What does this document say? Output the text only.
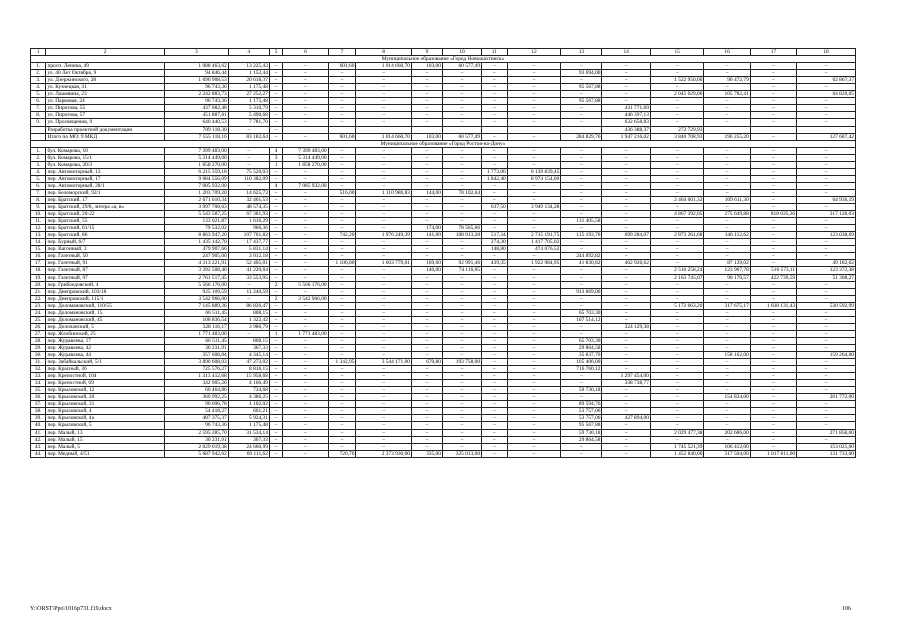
1	2	3	4	5	6	7	8	9	10	11	12	13	14	15	16	17	18
Муниципальное образование «Город Новошахтинск»																	
1.	просп. Ленина, 49	1 088 463,62	13 225,43	–	–	601,60	1 014 660,70	103,00	60 577,49	–	–	–	–	–	–	–	–
2.	ул. 40 Лет Октября, 9	94 846,44	1 152,44	–	–	–	–	–	–	–	–	93 694,00	–	–	–	–	–
3.	ул. Дзержинского, 28	1 696 908,53	20 618,37	–	–	–	–	–	–	–	–	–	–	1 522 950,00	90 472,79	–	62 867,37
4.	ул. Кузнецкая, 31	96 743,36	1 175,48	–	–	–	–	–	–	–	–	95 567,88	–	–	–	–	–
5.	ул. Лашевина, 23	2 242 883,73	27 252,27	–	–	–	–	–	–	–	–	–	–	2 045 029,00	105 782,41	–	64 820,05
6.	ул. Парковая, 24	96 743,36	1 175,48	–	–	–	–	–	–	–	–	95 567,88	–	–	–	–	–
7.	ул. Пирогова, 55	437 082,48	5 310,79	–	–	–	–	–	–	–	–	–	431 771,69	–	–	–	–
8.	ул. Пирогова, 57	451 887,81	5 490,68	–	–	–	–	–	–	–	–	–	446 397,13	–	–	–	–
9.	ул. Просвещения, 9	640 440,53	7 781,70	–	–	–	–	–	–	–	–	–	632 658,83	–	–	–	–
	Разработка проектной документации	709 118,30	–	–									436 388,37	272 729,93			
	Итого по МО: 9 МКД	7 555 118,16	83 182,64	–	–	601,60	1 014 660,70	103,00	60 577,49	–	–	284 829,76	1 947 216,02	3 840 708,93	196 255,20	–	127 687,42
Муниципальное образование «Город Ростов-на-Дону»																	
1.	бул. Комарова, 10	7 399 483,00	–	4	7 399 483,00	–	–	–	–	–	–	–	–	–	–	–	–
2.	бул. Комарова, 15/1	5 314 449,00	–	3	5 314 449,00	–	–	–	–	–	–	–	–	–	–	–	–
3.	бул. Комарова, 20/3	1 858 270,00	–	1	1 858 270,00	–	–	–	–	–	–	–	–	–	–	–	–
4.	пер. Автомоторный, 13	6 215 359,18	75 520,03	–	–	–	–	–	–	1 773,00	6 139 839,45	–	–	–	–	–	–
5.	пер. Автомоторный, 17	9 084 556,09	110 382,09	–	–	–	–	–	–	1 842,40	8 974 154,00	–	–	–	–	–	–
6.	пер. Автомоторный, 28/1	7 085 932,00	–	4	7 085 932,00	–	–	–	–	–	–	–	–	–	–	–	–
7.	пер. Беломорский, 92/1	1 203 709,20	14 625,73	–	–	516,00	1 110 980,83	144,00	78 102,64	–	–	–	–	–	–	–	–
8.	пер. Братский, 17	2 671 610,34	32 461,53	–	–	–	–	–	–	–	–	–	–	2 464 601,32	109 611,30	–	64 936,19
9.	пер. Братский, 29/8, литера «а, в»	3 997 708,63	48 574,35	–	–	–	–	–	–	637,50	3 949 134,28	–	–	–	–	–	–
10.	пер. Братский, 20-22	5 543 587,25	67 381,93	–	–	–	–	–	–	–	–	–	–	4 867 392,05	275 649,88	818 035,36	317 128,03
11.	пер. Братский, 55	133 021,87	1 616,29	–	–	–	–	–	–	–	–	131 405,58	–	–	–	–	–
12.	пер. Братский, 61/15	79 532,02	966,36	–	–	–	–	174,00	78 565,66	–	–	–	–	–	–	–	–
13.	пер. Братский, 86	8 863 947,20	107 701,82	–	–	742,20	1 976 249,39	141,00	108 913,28	517,34	2 715 191,75	115 193,70	699 284,07	2 873 261,68	146 112,62	–	123 038,69
14.	пер. Бурный, 6/7	1 435 142,70	17 437,77	–	–	–	–	–	–	274,30	1 417 705,02	–	–	–	–	–	–
15.	пер. Вагонный, 3	479 907,66	5 831,14	–	–	–	–	–	–	148,80	474 076,52	–	–	–	–	–	–
16.	пер. Газетный, 50	247 905,00	3 012,18	–	–	–	–	–	–	–	–	244 892,82	–	–	–	–	–
17.	пер. Газетный, 91	4 313 221,91	52 405,01	–	–	1 106,00	1 603 779,01	169,00	92 991,46	439,35	1 922 984,95	41 830,82	462 926,62	–	87 139,02	–	49 182,02
18.	пер. Газетный, 87	3 392 508,40	41 220,84	–	–	–	–	140,00	74 116,05	–	–	–	–	2 516 258,24	123 967,78	516 573,11	123 372,38
19.	пер. Газетный, 97	2 761 517,45	33 553,95	–	–	–	–	–	–	–	–	–	–	2 163 745,07	90 170,57	422 739,59	51 308,27
20.	пер. Грибоедовский, 4	5 566 176,00	–	2	5 566 176,00	–	–	–	–	–	–	–	–	–	–	–	–
21.	пер. Днепровский, 103/18	925 109,59	11 240,59	–	–	–	–	–	–	–	–	913 869,00	–	–	–	–	–
22.	пер. Днепровский, 115/1	3 542 966,00	–	2	3 542 966,00	–	–	–	–	–	–	–	–	–	–	–	–
23.	пер. Доломановский, 110/55	7 145 889,26	86 826,47	–	–	–	–	–	–	–	–	–	–	5 172 663,20	317 675,17	1 038 131,43	530 592,99
24.	пер. Доломановский, 15	66 511,45	808,15	–	–	–	–	–	–	–	–	65 703,30	–	–	–	–	–
25.	пер. Доломановский, 45	108 836,54	1 322,42	–	–	–	–	–	–	–	–	107 514,12	–	–	–	–	–
26.	пер. Долочанский, 5	328 116,17	3 986,79	–	–	–	–	–	–	–	–	–	324 129,38	–	–	–	–
27.	пер. Жлобинский, 25	1 771 483,00	–	1	1 771 483,00	–	–	–	–	–	–	–	–	–	–	–	–
28.	пер. Журавлева, 17	66 511,45	808,15	–	–	–	–	–	–	–	–	65 703,30	–	–	–	–	–
29.	пер. Журавлева, 42	30 231,91	367,33	–	–	–	–	–	–	–	–	29 864,58	–	–	–	–	–
30.	пер. Журавлева, 44	357 608,84	4 345,14	–	–	–	–	–	–	–	–	35 837,70	–	–	158 162,00	–	159 264,00
31.	пер. Забайкальский, 5/1	3 890 608,03	47 273,02	–	–	1 342,95	3 544 171,00	670,80	193 758,00	–	–	105 406,00	–	–	–	–	–
32.	пер. Красный, 36	725 576,27	8 816,15	–	–	–	–	–	–	–	–	716 760,12	–	–	–	–	–
33.	пер. Крепостной, 104	1 313 412,68	15 958,68	–	–	–	–	–	–	–	–	–	1 297 454,00	–	–	–	–
34.	пер. Крепостной, 69	342 905,26	4 166,49	–	–	–	–	–	–	–	–	–	338 738,77	–	–	–	–
35.	пер. Крыловской, 12	60 464,86	734,68	–	–	–	–	–	–	–	–	59 730,18	–	–	–	–	–
36.	пер. Крыловской, 20	360 992,25	4 386,25	–	–	–	–	–	–	–	–	–	–	–	154 834,00	–	201 772,00
37.	пер. Крыловской, 31	90 696,78	1 102,02	–	–	–	–	–	–	–	–	89 594,76	–	–	–	–	–
38.	пер. Крыловской, 4	54 418,27	661,21	–	–	–	–	–	–	–	–	53 757,06	–	–	–	–	–
39.	пер. Крыловской, 4а	487 375,37	5 924,31	–	–	–	–	–	–	–	–	53 757,06	427 894,00	–	–	–	–
40.	пер. Крыловской, 5	96 743,36	1 175,48	–	–	–	–	–	–	–	–	95 567,88	–	–	–	–	–
41.	пер. Малый, 13	2 595 285,70	31 534,14	–	–	–	–	–	–	–	–	59 730,18	–	2 029 477,38	202 686,00	–	271 858,00
42.	пер. Малый, 15	30 231,91	367,33	–	–	–	–	–	–	–	–	29 864,58	–	–	–	–	–
43.	пер. Малый, 5	2 029 619,38	24 660,99	–	–	–	–	–	–	–	–	–	–	1 745 521,39	106 412,00	–	153 025,00
44.	пер. Медный, 4/51	5 687 942,62	69 111,62	–	–	720,70	2 373 930,00	335,00	325 013,00	–	–	–	–	1 452 840,00	317 504,00	1 017 811,00	131 733,00
Y:\ORST\Ppo\1016p731.f19.docx	106
